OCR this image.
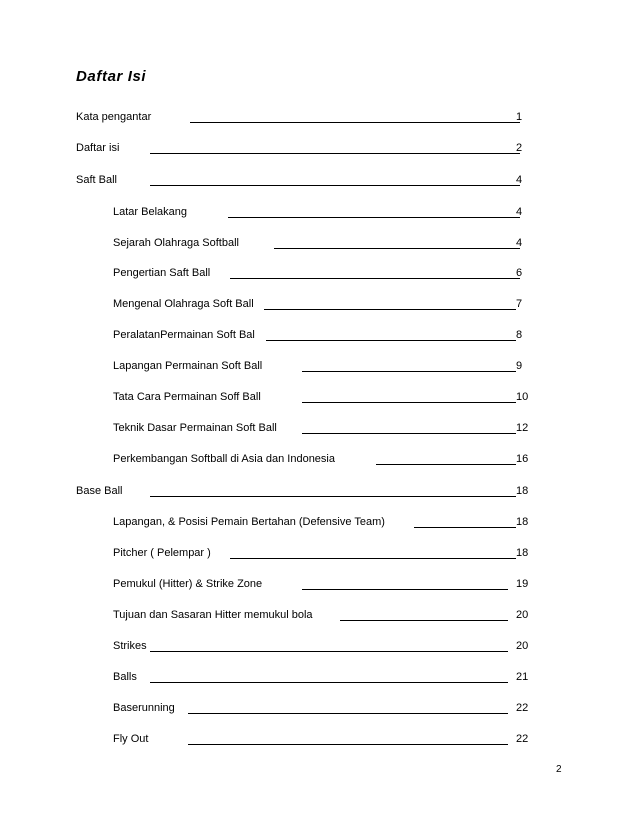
Daftar Isi
Kata pengantar	1
Daftar isi	2
Saft Ball	4
Latar Belakang	4
Sejarah Olahraga Softball	4
Pengertian Saft Ball	6
Mengenal Olahraga Soft Ball	7
PeralatanPermainan Soft Bal	8
Lapangan Permainan Soft Ball	9
Tata Cara Permainan Soff Ball	10
Teknik Dasar Permainan Soft Ball	12
Perkembangan Softball di Asia dan Indonesia	16
Base Ball	18
Lapangan, & Posisi Pemain Bertahan (Defensive Team)	18
Pitcher ( Pelempar )	18
Pemukul (Hitter) & Strike Zone	19
Tujuan dan Sasaran Hitter memukul bola	20
Strikes	20
Balls	21
Baserunning	22
Fly Out	22
2
